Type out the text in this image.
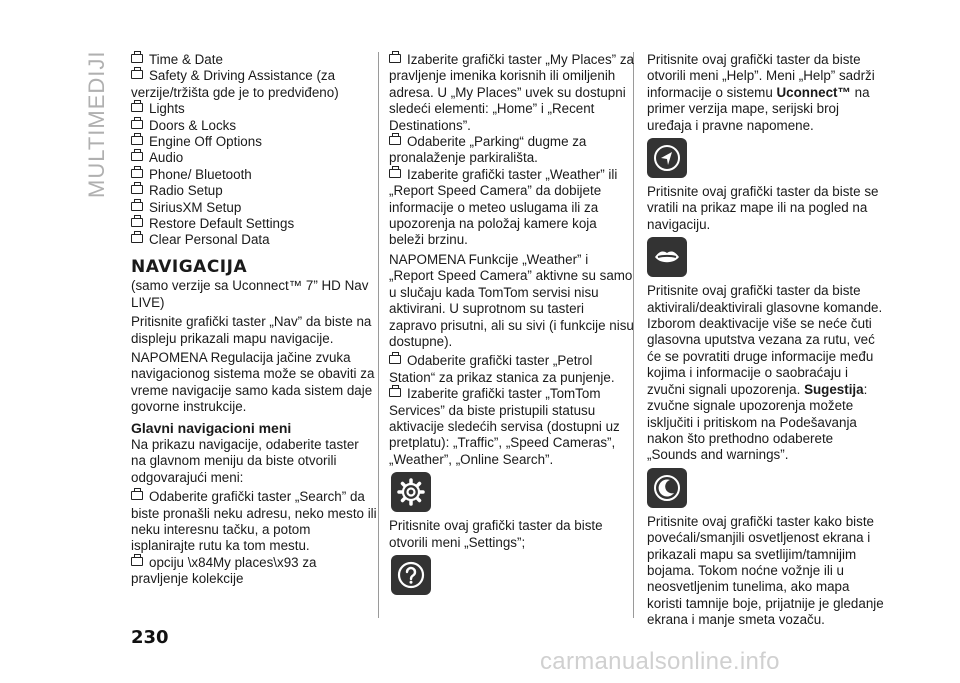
MULTIMEDIJI	Time & Date

Safety & Driving Assistance (za verzije/tržišta gde je to predviđeno)

Lights

Doors & Locks

Engine Off Options

Audio

Phone/ Bluetooth

Radio Setup

SiriusXM Setup

Restore Default Settings

Clear Personal Data

NAVIGACIJA

(samo verzije sa Uconnect™ 7” HD Nav LIVE)

Pritisnite grafički taster „Nav” da biste na displeju prikazali mapu navigacije.

NAPOMENA Regulacija jačine zvuka navigacionog sistema može se obaviti za vreme navigacije samo kada sistem daje govorne instrukcije.

Glavni navigacioni meni

Na prikazu navigacije, odaberite taster na glavnom meniju da biste otvorili odgovarajući meni:

Odaberite grafički taster „Search” da biste pronašli neku adresu, neko mesto ili neku interesnu tačku, a potom isplanirajte rutu ka tom mestu.

opciju \x84My places\x93 za pravljenje kolekcije

Izaberite grafički taster „My Places” za pravljenje imenika korisnih ili omiljenih adresa. U „My Places” uvek su dostupni sledeći elementi: „Home” i „Recent Destinations”.

Odaberite „Parking“ dugme za pronalaženje parkirališta.

Izaberite grafički taster „Weather” ili „Report Speed Camera” da dobijete informacije o meteo uslugama ili za upozorenja na položaj kamere koja beleži brzinu.

NAPOMENA Funkcije „Weather” i „Report Speed Camera” aktivne su samo u slučaju kada TomTom servisi nisu aktivirani. U suprotnom su tasteri zapravo prisutni, ali su sivi (i funkcije nisu dostupne).

Odaberite grafički taster „Petrol Station“ za prikaz stanica za punjenje.

Izaberite grafički taster „TomTom Services” da biste pristupili statusu aktivacije sledećih servisa (dostupni uz pretplatu): „Traffic”, „Speed Cameras”, „Weather”, „Online Search”.

Pritisnite ovaj grafički taster da biste otvorili meni „Settings”;

Pritisnite ovaj grafički taster da biste otvorili meni „Help”. Meni „Help” sadrži informacije o sistemu Uconnect™ na primer verzija mape, serijski broj uređaja i pravne napomene.

Pritisnite ovaj grafički taster da biste se vratili na prikaz mape ili na pogled na navigaciju.

Pritisnite ovaj grafički taster da biste aktivirali/deaktivirali glasovne komande. Izborom deaktivacije više se neće čuti glasovna uputstva vezana za rutu, već će se povratiti druge informacije među kojima i informacije o saobraćaju i zvučni signali upozorenja. Sugestija: zvučne signale upozorenja možete isključiti i pritiskom na Podešavanja nakon što prethodno odaberete „Sounds and warnings”.

Pritisnite ovaj grafički taster kako biste povećali/smanjili osvetljenost ekrana i prikazali mapu sa svetlijim/tamnijim bojama. Tokom noćne vožnje ili u neosvetljenim tunelima, ako mapa koristi tamnije boje, prijatnije je gledanje ekrana i manje smeta vozaču.

230
carmanualsonline.info
